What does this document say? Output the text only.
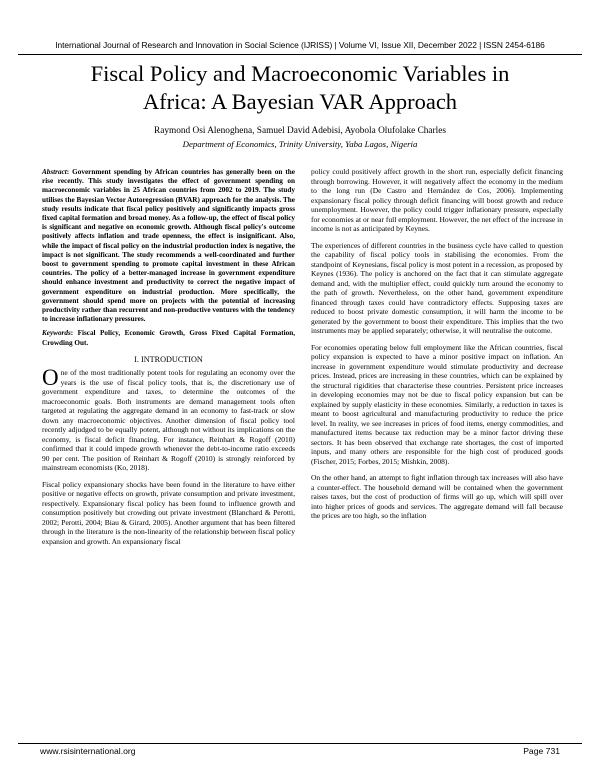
International Journal of Research and Innovation in Social Science (IJRISS) | Volume VI, Issue XII, December 2022 | ISSN 2454-6186
Fiscal Policy and Macroeconomic Variables in
Africa: A Bayesian VAR Approach
Raymond Osi Alenoghena, Samuel David Adebisi, Ayobola Olufolake Charles
Department of Economics, Trinity University, Yaba Lagos, Nigeria

Abstract: Government spending by African countries has generally been on the rise recently. This study investigates the effect of government spending on macroeconomic variables in 25 African countries from 2002 to 2019. The study utilises the Bayesian Vector Autoregression (BVAR) approach for the analysis. The study results indicate that fiscal policy positively and significantly impacts gross fixed capital formation and broad money. As a follow-up, the effect of fiscal policy is significant and negative on economic growth. Although fiscal policy's outcome positively affects inflation and trade openness, the effect is insignificant. Also, while the impact of fiscal policy on the industrial production index is negative, the impact is not significant. The study recommends a well-coordinated and further boost to government spending to promote capital investment in these African countries. The policy of a better-managed increase in government expenditure should enhance investment and productivity to correct the negative impact of government expenditure on industrial production. More specifically, the government should spend more on projects with the potential of increasing productivity rather than recurrent and non-productive ventures with the tendency to increase inflationary pressures.

Keywords: Fiscal Policy, Economic Growth, Gross Fixed Capital Formation, Crowding Out.

I. INTRODUCTION

One of the most traditionally potent tools for regulating an economy over the years is the use of fiscal policy tools, that is, the discretionary use of government expenditure and taxes, to determine the outcomes of the macroeconomic goals. Both instruments are demand management tools often targeted at regulating the aggregate demand in an economy to fast-track or slow down any macroeconomic objectives. Another dimension of fiscal policy tool recently adjudged to be equally potent, although not without its implications on the economy, is fiscal deficit financing. For instance, Reinhart & Rogoff (2010) confirmed that it could impede growth whenever the debt-to-income ratio exceeds 90 per cent. The position of Reinhart & Rogoff (2010) is strongly reinforced by mainstream economists (Ko, 2018).

Fiscal policy expansionary shocks have been found in the literature to have either positive or negative effects on growth, private consumption and private investment, respectively. Expansionary fiscal policy has been found to influence growth and consumption positively but crowding out private investment (Blanchard & Perotti, 2002; Perotti, 2004; Biau & Girard, 2005). Another argument that has been filtered through in the literature is the non-linearity of the relationship between fiscal policy expansion and growth. An expansionary fiscal

policy could positively affect growth in the short run, especially deficit financing through borrowing. However, it will negatively affect the economy in the medium to the long run (De Castro and Hernández de Cos, 2006). Implementing expansionary fiscal policy through deficit financing will boost growth and reduce unemployment. However, the policy could trigger inflationary pressure, especially for economies at or near full employment. However, the net effect of the increase in income is not as anticipated by Keynes.

The experiences of different countries in the business cycle have called to question the capability of fiscal policy tools in stabilising the economies. From the standpoint of Keynesians, fiscal policy is most potent in a recession, as proposed by Keynes (1936). The policy is anchored on the fact that it can stimulate aggregate demand and, with the multiplier effect, could quickly turn around the economy to the path of growth. Nevertheless, on the other hand, government expenditure financed through taxes could have contradictory effects. Supposing taxes are reduced to boost private domestic consumption, it will harm the income to be generated by the government to boost their expenditure. This implies that the two instruments may be applied separately; otherwise, it will neutralise the outcome.

For economies operating below full employment like the African countries, fiscal policy expansion is expected to have a minor positive impact on inflation. An increase in government expenditure would stimulate productivity and decrease prices. Instead, prices are increasing in these countries, which can be explained by the structural rigidities that characterise these countries. Persistent price increases in developing economies may not be due to fiscal policy expansion but can be explained by supply elasticity in these economies. Similarly, a reduction in taxes is meant to boost agricultural and manufacturing productivity to reduce the price level. In reality, we see increases in prices of food items, energy commodities, and manufactured items because tax reduction may be a minor factor driving these sectors. It has been observed that exchange rate shortages, the cost of imported inputs, and many others are responsible for the high cost of produced goods (Fischer, 2015; Forbes, 2015; Mishkin, 2008).

On the other hand, an attempt to fight inflation through tax increases will also have a counter-effect. The household demand will be contained when the government raises taxes, but the cost of production of firms will go up, which will spill over into higher prices of goods and services. The aggregate demand will fall because the prices are too high, so the inflation

www.rsisinternational.org	Page 731
